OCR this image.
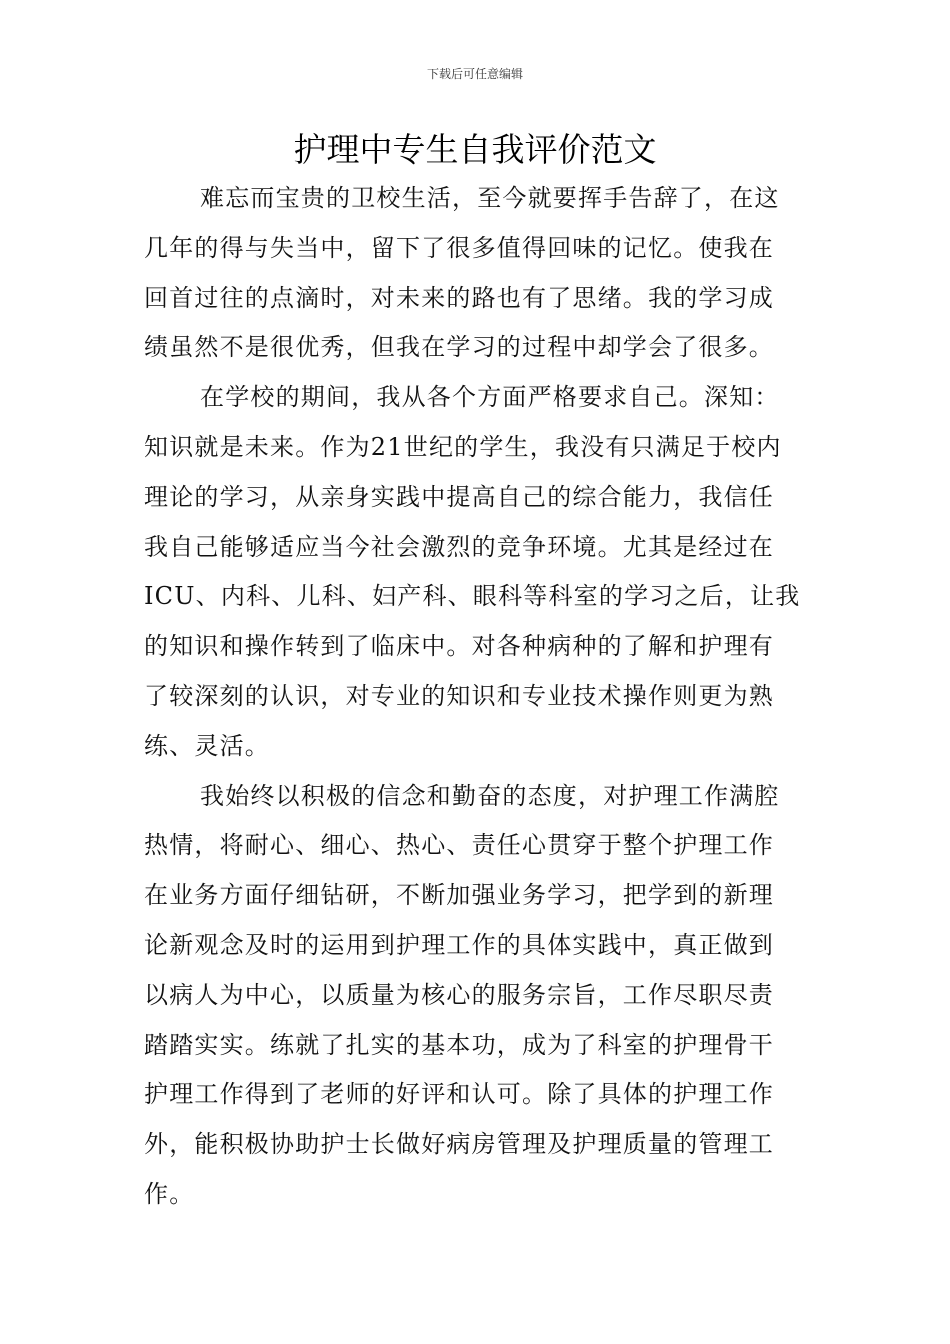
下载后可任意编辑
护理中专生自我评价范文
难忘而宝贵的卫校生活，至今就要挥手告辞了，在这
几年的得与失当中，留下了很多值得回味的记忆。使我在
回首过往的点滴时，对未来的路也有了思绪。我的学习成
绩虽然不是很优秀，但我在学习的过程中却学会了很多。
在学校的期间，我从各个方面严格要求自己。深知：
知识就是未来。作为21世纪的学生，我没有只满足于校内
理论的学习，从亲身实践中提高自己的综合能力，我信任
我自己能够适应当今社会激烈的竞争环境。尤其是经过在
ICU、内科、儿科、妇产科、眼科等科室的学习之后，让我
的知识和操作转到了临床中。对各种病种的了解和护理有
了较深刻的认识，对专业的知识和专业技术操作则更为熟
练、灵活。
我始终以积极的信念和勤奋的态度，对护理工作满腔
热情，将耐心、细心、热心、责任心贯穿于整个护理工作
在业务方面仔细钻研，不断加强业务学习，把学到的新理
论新观念及时的运用到护理工作的具体实践中，真正做到
以病人为中心，以质量为核心的服务宗旨，工作尽职尽责
踏踏实实。练就了扎实的基本功，成为了科室的护理骨干
护理工作得到了老师的好评和认可。除了具体的护理工作
外，能积极协助护士长做好病房管理及护理质量的管理工
作。
